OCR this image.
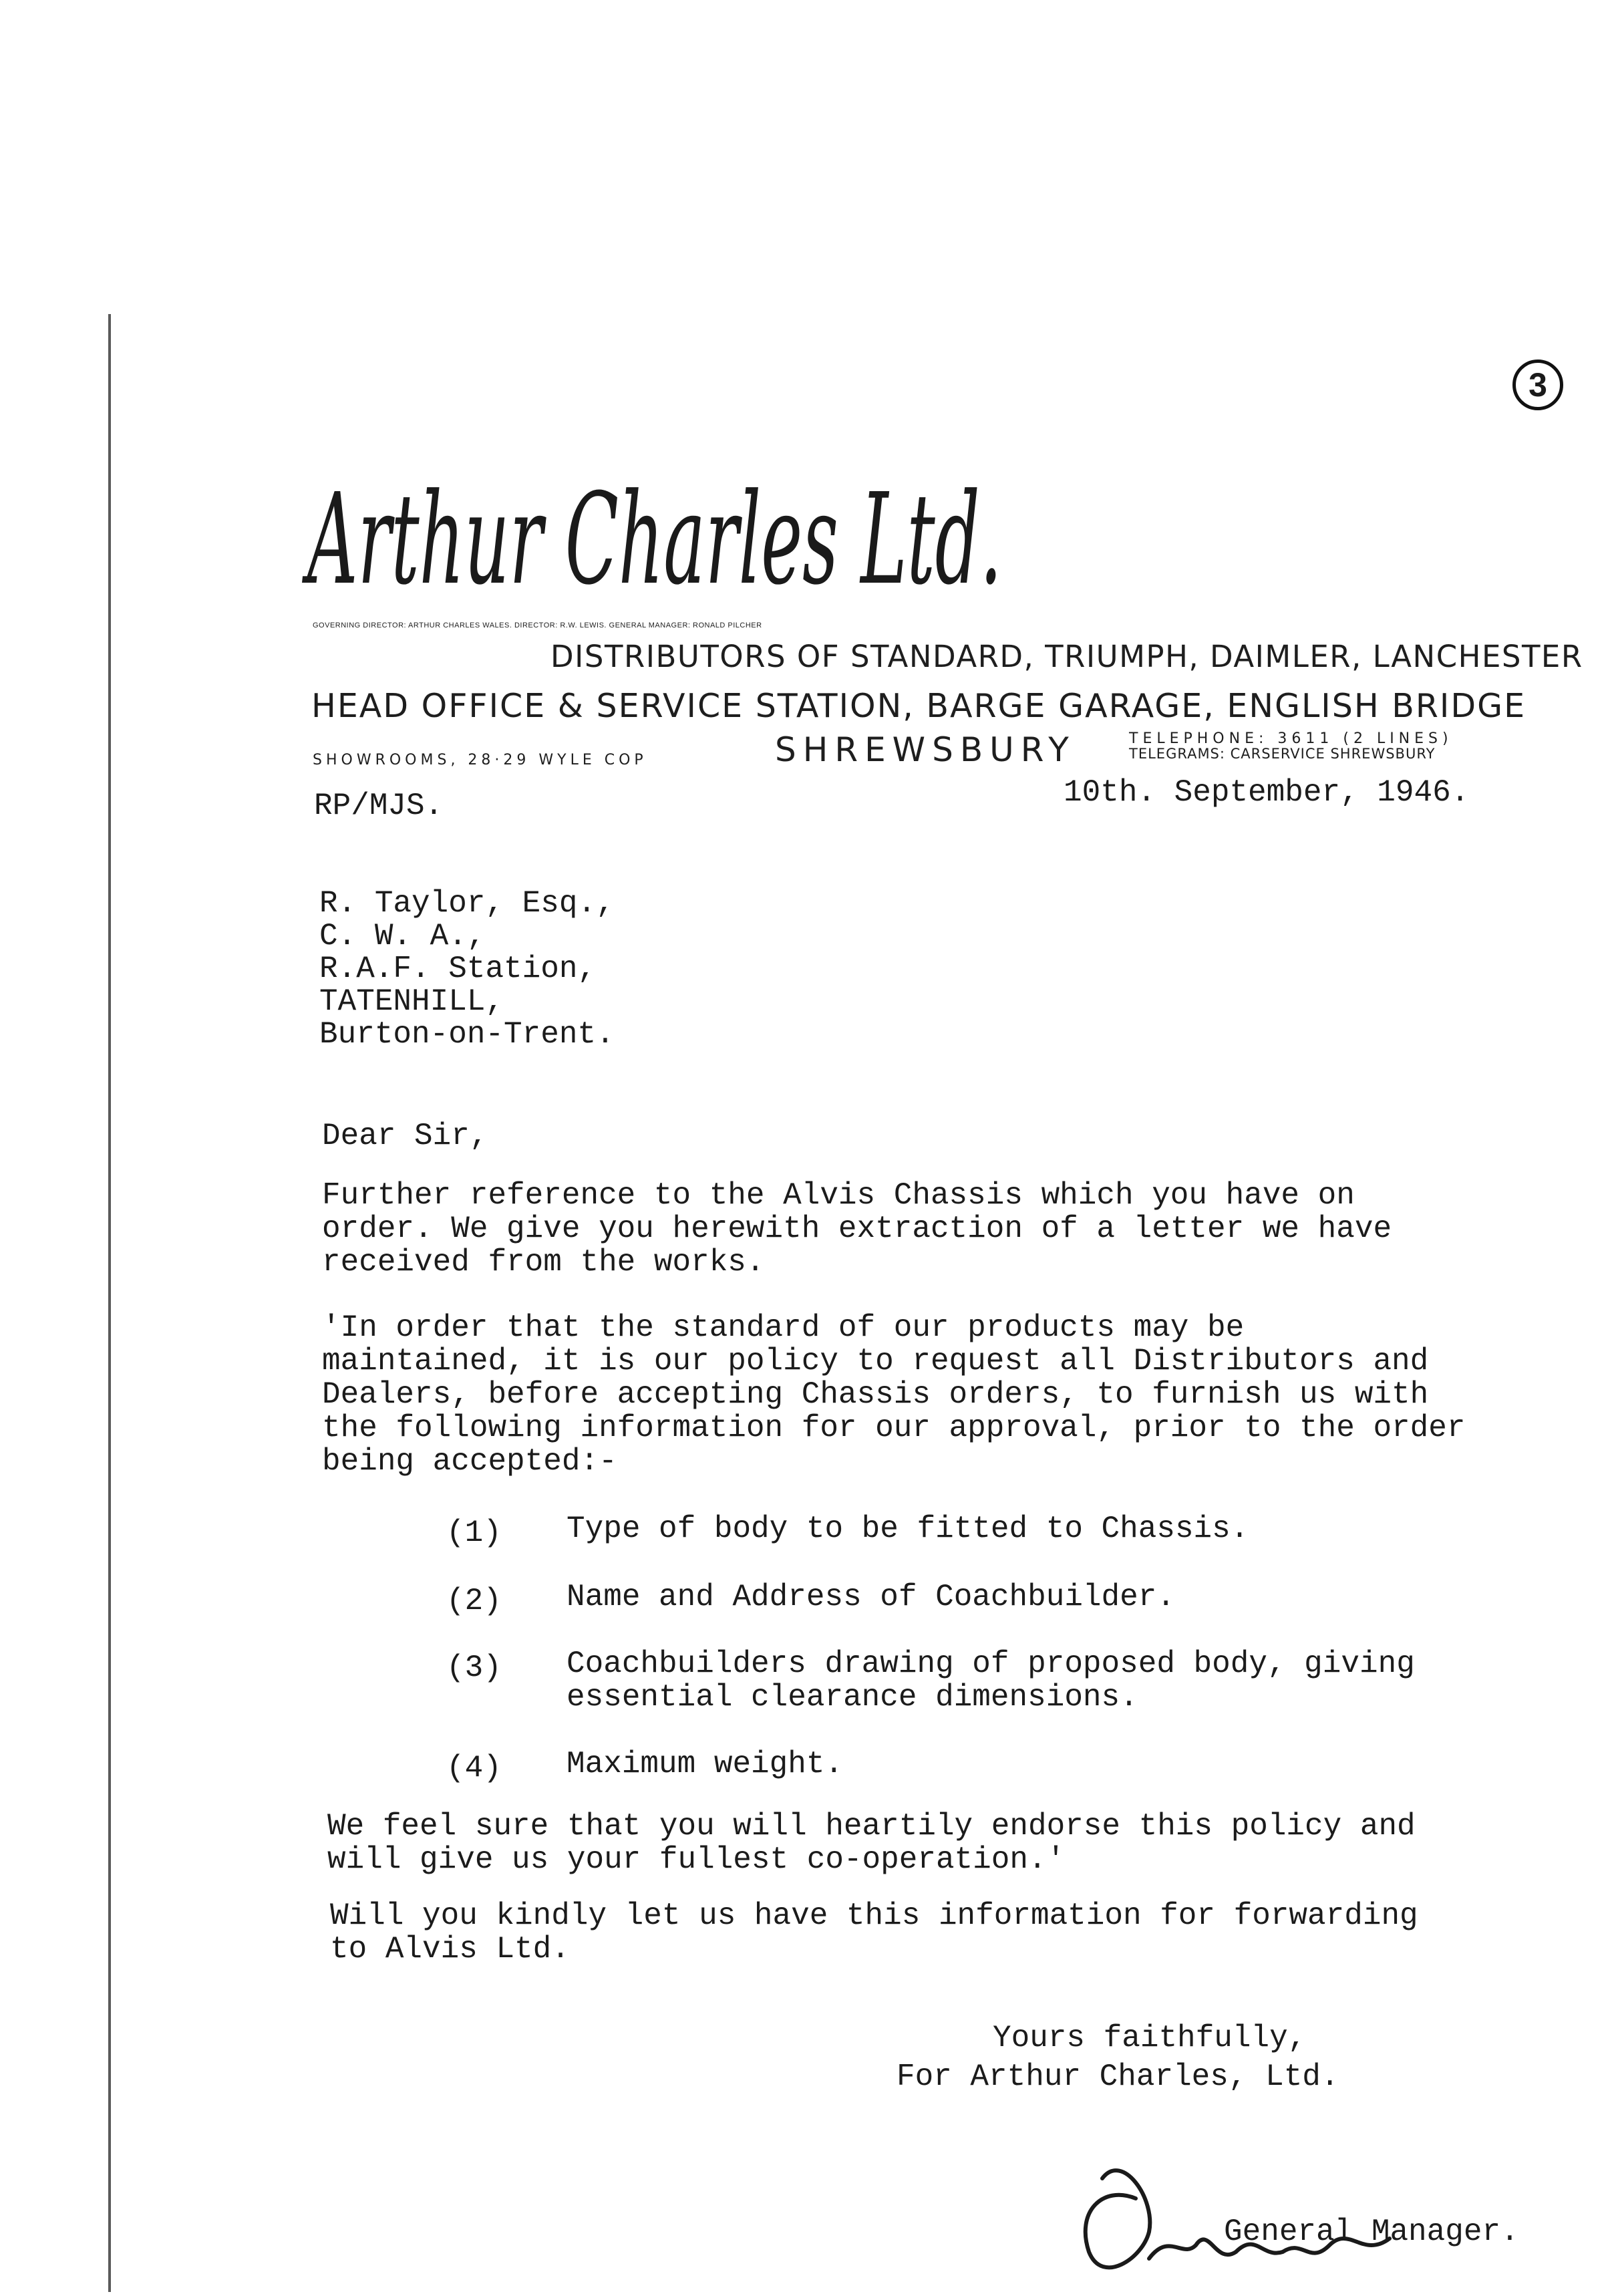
3
Arthur Charles Ltd.
GOVERNING DIRECTOR: ARTHUR CHARLES WALES. DIRECTOR: R.W. LEWIS. GENERAL MANAGER: RONALD PILCHER
DISTRIBUTORS OF STANDARD, TRIUMPH, DAIMLER, LANCHESTER
HEAD OFFICE & SERVICE STATION, BARGE GARAGE, ENGLISH BRIDGE
SHOWROOMS, 28·29 WYLE COP	SHREWSBURY	TELEPHONE: 3611 (2 LINES)
TELEGRAMS: CARSERVICE SHREWSBURY
RP/MJS.	10th. September, 1946.
R. Taylor, Esq.,
C. W. A.,
R.A.F. Station,
TATENHILL,
Burton-on-Trent.
Dear Sir,
Further reference to the Alvis Chassis which you have on
order. We give you herewith extraction of a letter we have
received from the works.
'In order that the standard of our products may be
maintained, it is our policy to request all Distributors and
Dealers, before accepting Chassis orders, to furnish us with
the following information for our approval, prior to the order
being accepted:-
(1) Type of body to be fitted to Chassis.
(2) Name and Address of Coachbuilder.
(3) Coachbuilders drawing of proposed body, giving
essential clearance dimensions.
(4) Maximum weight.
We feel sure that you will heartily endorse this policy and
will give us your fullest co-operation.'
Will you kindly let us have this information for forwarding
to Alvis Ltd.
Yours faithfully,
For Arthur Charles, Ltd.
General Manager.
